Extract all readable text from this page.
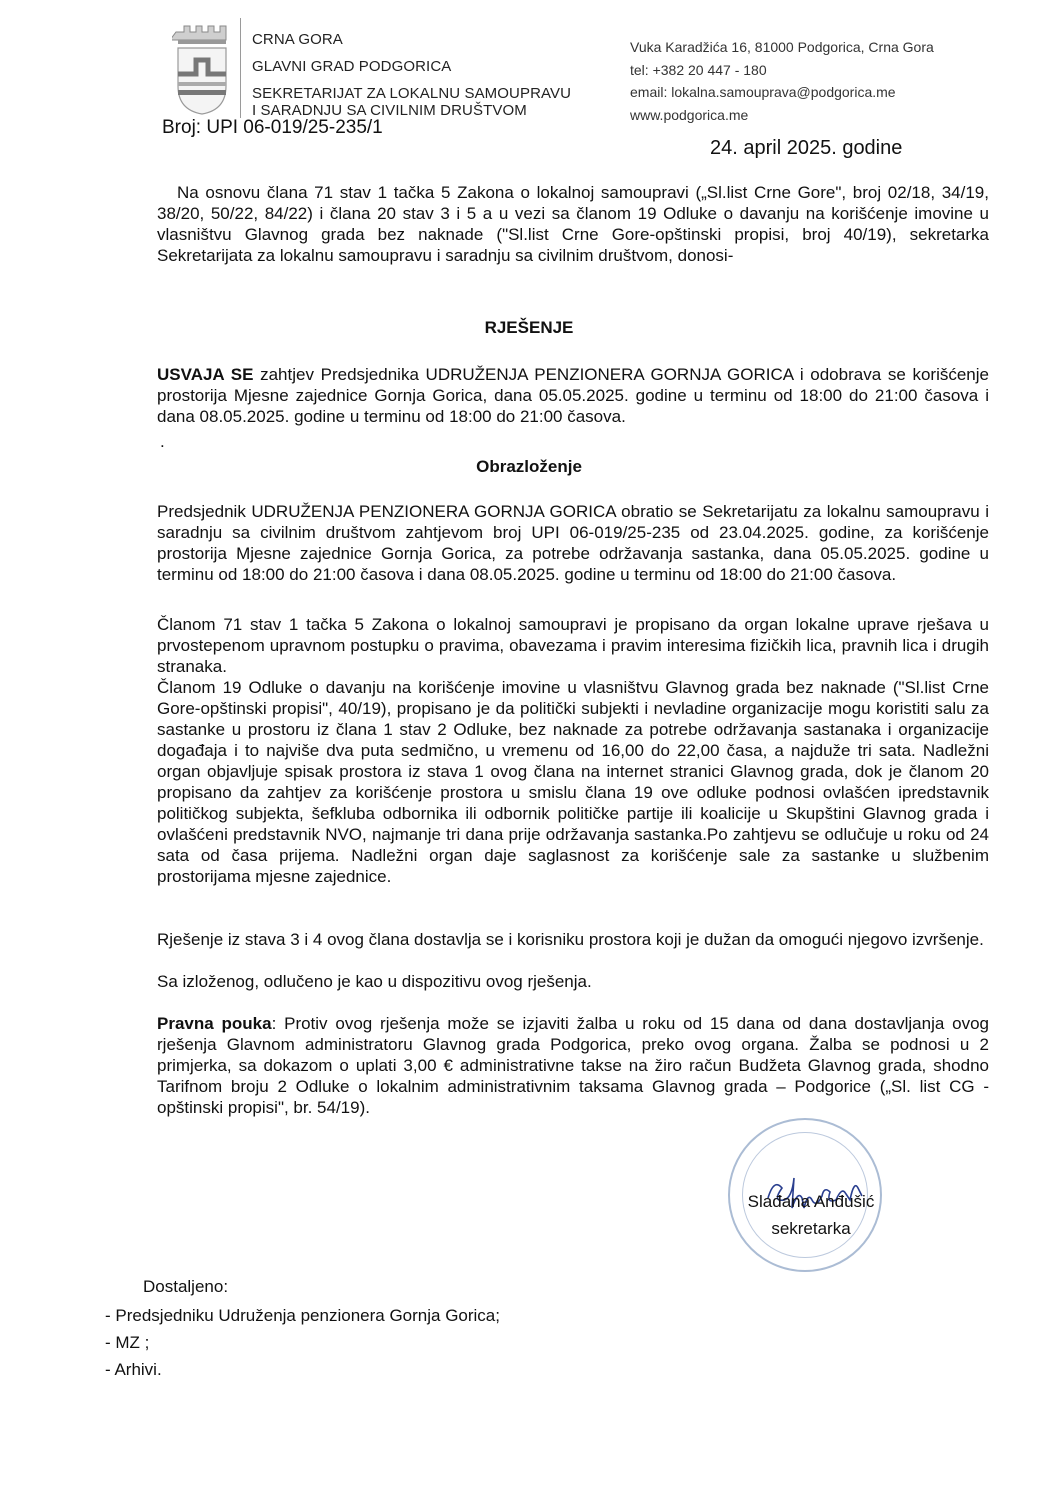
CRNA GORA
GLAVNI GRAD PODGORICA
SEKRETARIJAT ZA LOKALNU SAMOUPRAVU
I SARADNJU SA CIVILNIM DRUŠTVOM
Broj: UPI 06-019/25-235/1
Vuka Karadžića 16, 81000 Podgorica, Crna Gora
tel: +382 20 447 - 180
email: lokalna.samouprava@podgorica.me
www.podgorica.me
24. april 2025. godine
Na osnovu člana 71 stav 1 tačka 5 Zakona o lokalnoj samoupravi („Sl.list Crne Gore", broj 02/18, 34/19, 38/20, 50/22, 84/22) i člana 20 stav 3 i 5 a u vezi sa članom 19 Odluke o davanju na korišćenje imovine u vlasništvu Glavnog grada bez naknade ("Sl.list Crne Gore-opštinski propisi, broj 40/19), sekretarka Sekretarijata za lokalnu samoupravu i saradnju sa civilnim društvom, donosi-
RJEŠENJE
USVAJA SE zahtjev Predsjednika UDRUŽENJA PENZIONERA GORNJA GORICA i odobrava se korišćenje prostorija Mjesne zajednice Gornja Gorica, dana 05.05.2025. godine u terminu od 18:00 do 21:00 časova i dana 08.05.2025. godine u terminu od 18:00 do 21:00 časova.
.
Obrazloženje
Predsjednik UDRUŽENJA PENZIONERA GORNJA GORICA obratio se Sekretarijatu za lokalnu samoupravu i saradnju sa civilnim društvom zahtjevom broj UPI 06-019/25-235 od 23.04.2025. godine, za korišćenje prostorija Mjesne zajednice Gornja Gorica, za potrebe održavanja sastanka, dana 05.05.2025. godine u terminu od 18:00 do 21:00 časova i dana 08.05.2025. godine u terminu od 18:00 do 21:00 časova.
Članom 71 stav 1 tačka 5 Zakona o lokalnoj samoupravi je propisano da organ lokalne uprave rješava u prvostepenom upravnom postupku o pravima, obavezama i pravim interesima fizičkih lica, pravnih lica i drugih stranaka.
Članom 19 Odluke o davanju na korišćenje imovine u vlasništvu Glavnog grada bez naknade ("Sl.list Crne Gore-opštinski propisi", 40/19), propisano je da politički subjekti i nevladine organizacije mogu koristiti salu za sastanke u prostoru iz člana 1 stav 2 Odluke, bez naknade za potrebe održavanja sastanaka i organizacije događaja i to najviše dva puta sedmično, u vremenu od 16,00 do 22,00 časa, a najduže tri sata. Nadležni organ objavljuje spisak prostora iz stava 1 ovog člana na internet stranici Glavnog grada, dok je članom 20 propisano da zahtjev za korišćenje prostora u smislu člana 19 ove odluke podnosi ovlašćen ipredstavnik političkog subjekta, šefkluba odbornika ili odbornik političke partije ili koalicije u Skupštini Glavnog grada i ovlašćeni predstavnik NVO, najmanje tri dana prije održavanja sastanka.Po zahtjevu se odlučuje u roku od 24 sata od časa prijema. Nadležni organ daje saglasnost za korišćenje sale za sastanke u službenim prostorijama mjesne zajednice.
Rješenje iz stava 3 i 4 ovog člana dostavlja se i korisniku prostora koji je dužan da omogući njegovo izvršenje.
Sa izloženog, odlučeno je kao u dispozitivu ovog rješenja.
Pravna pouka: Protiv ovog rješenja može se izjaviti žalba u roku od 15 dana od dana dostavljanja ovog rješenja Glavnom administratoru Glavnog grada Podgorica, preko ovog organa. Žalba se podnosi u 2 primjerka, sa dokazom o uplati 3,00 € administrativne takse na žiro račun Budžeta Glavnog grada, shodno Tarifnom broju 2 Odluke o lokalnim administrativnim taksama Glavnog grada – Podgorice („Sl. list CG - opštinski propisi", br. 54/19).
Slađana Anđušić
sekretarka
Dostaljeno:
- Predsjedniku Udruženja penzionera Gornja Gorica;
- MZ ;
- Arhivi.
